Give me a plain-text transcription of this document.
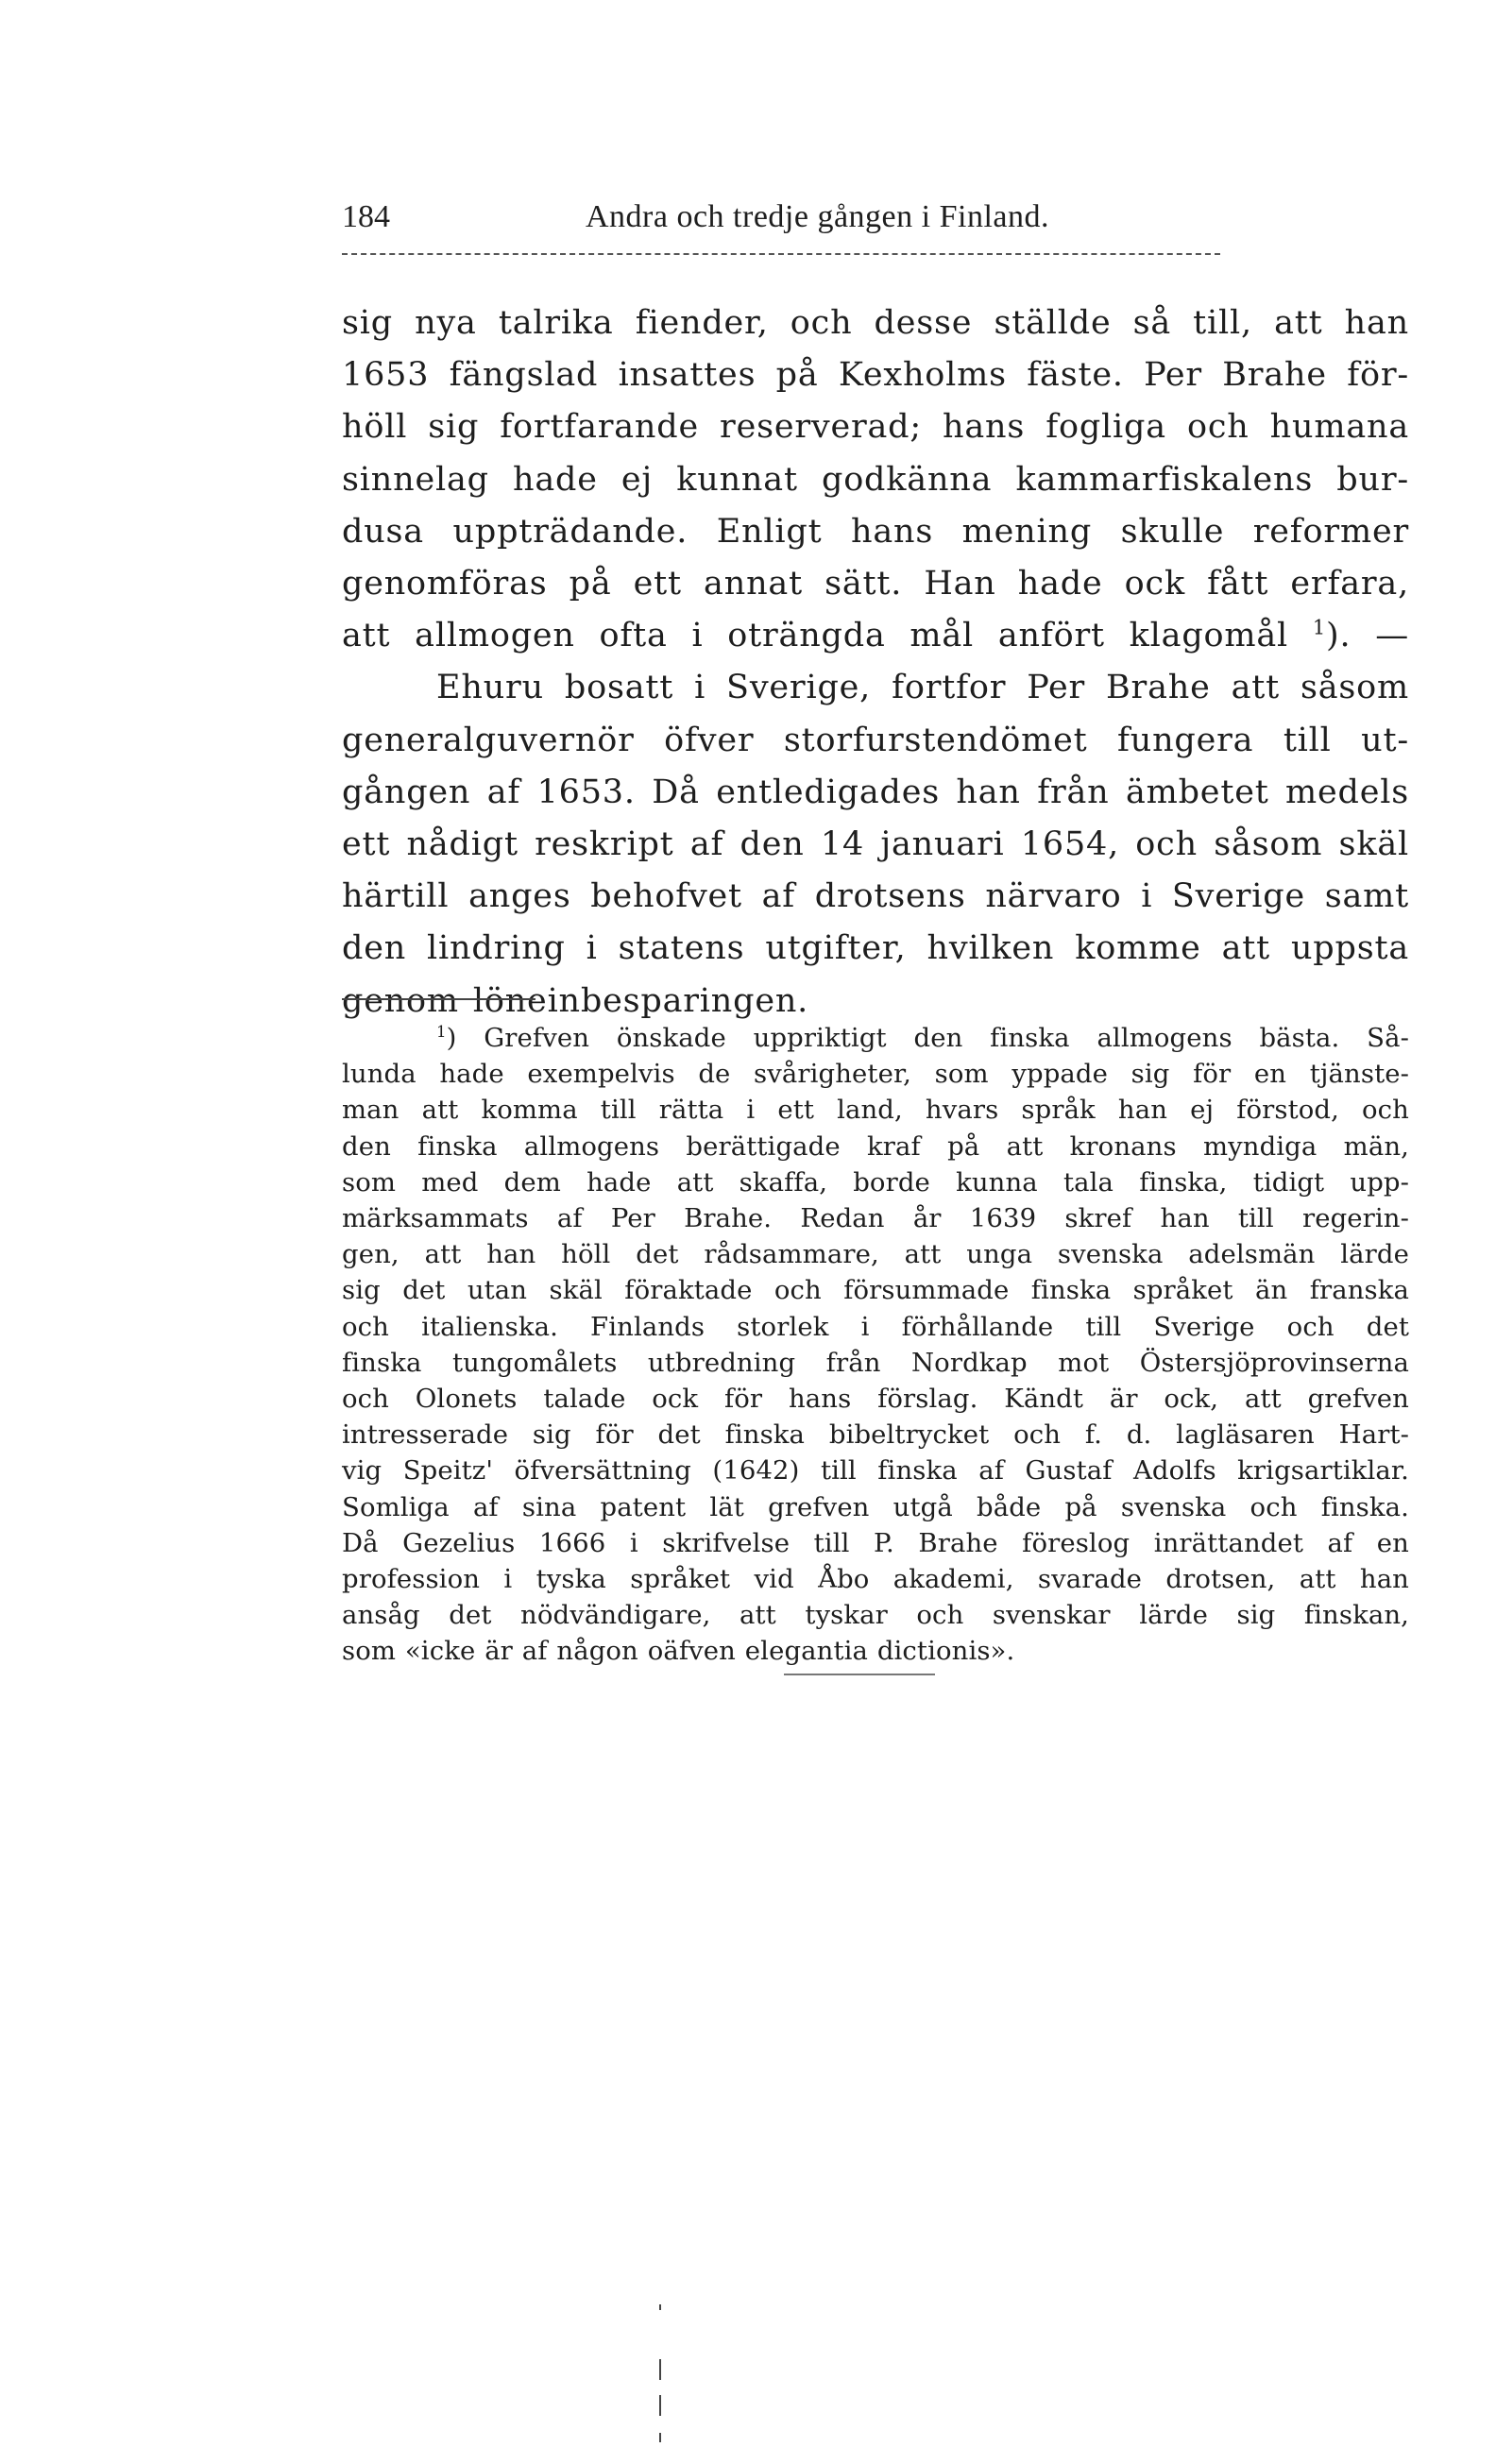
184	Andra och tredje gången i Finland.
sig nya talrika fiender, och desse ställde så till, att han
1653 fängslad insattes på Kexholms fäste. Per Brahe för-
höll sig fortfarande reserverad; hans fogliga och humana
sinnelag hade ej kunnat godkänna kammarfiskalens bur-
dusa uppträdande. Enligt hans mening skulle reformer
genomföras på ett annat sätt. Han hade ock fått erfara,
att allmogen ofta i oträngda mål anfört klagomål $^1$). —
Ehuru bosatt i Sverige, fortfor Per Brahe att såsom
generalguvernör öfver storfurstendömet fungera till ut-
gången af 1653. Då entledigades han från ämbetet medels
ett nådigt reskript af den 14 januari 1654, och såsom skäl
härtill anges behofvet af drotsens närvaro i Sverige samt
den lindring i statens utgifter, hvilken komme att uppsta
genom löneinbesparingen.
$^1$) Grefven önskade uppriktigt den finska allmogens bästa. Så-
lunda hade exempelvis de svårigheter, som yppade sig för en tjänste-
man att komma till rätta i ett land, hvars språk han ej förstod, och
den finska allmogens berättigade kraf på att kronans myndiga män,
som med dem hade att skaffa, borde kunna tala finska, tidigt upp-
märksammats af Per Brahe. Redan år 1639 skref han till regerin-
gen, att han höll det rådsammare, att unga svenska adelsmän lärde
sig det utan skäl föraktade och försummade finska språket än franska
och italienska. Finlands storlek i förhållande till Sverige och det
finska tungomålets utbredning från Nordkap mot Östersjöprovinserna
och Olonets talade ock för hans förslag. Kändt är ock, att grefven
intresserade sig för det finska bibeltrycket och f. d. lagläsaren Hart-
vig Speitz' öfversättning (1642) till finska af Gustaf Adolfs krigsartiklar.
Somliga af sina patent lät grefven utgå både på svenska och finska.
Då Gezelius 1666 i skrifvelse till P. Brahe föreslog inrättandet af en
profession i tyska språket vid Åbo akademi, svarade drotsen, att han
ansåg det nödvändigare, att tyskar och svenskar lärde sig finskan,
som «icke är af någon oäfven elegantia dictionis».
